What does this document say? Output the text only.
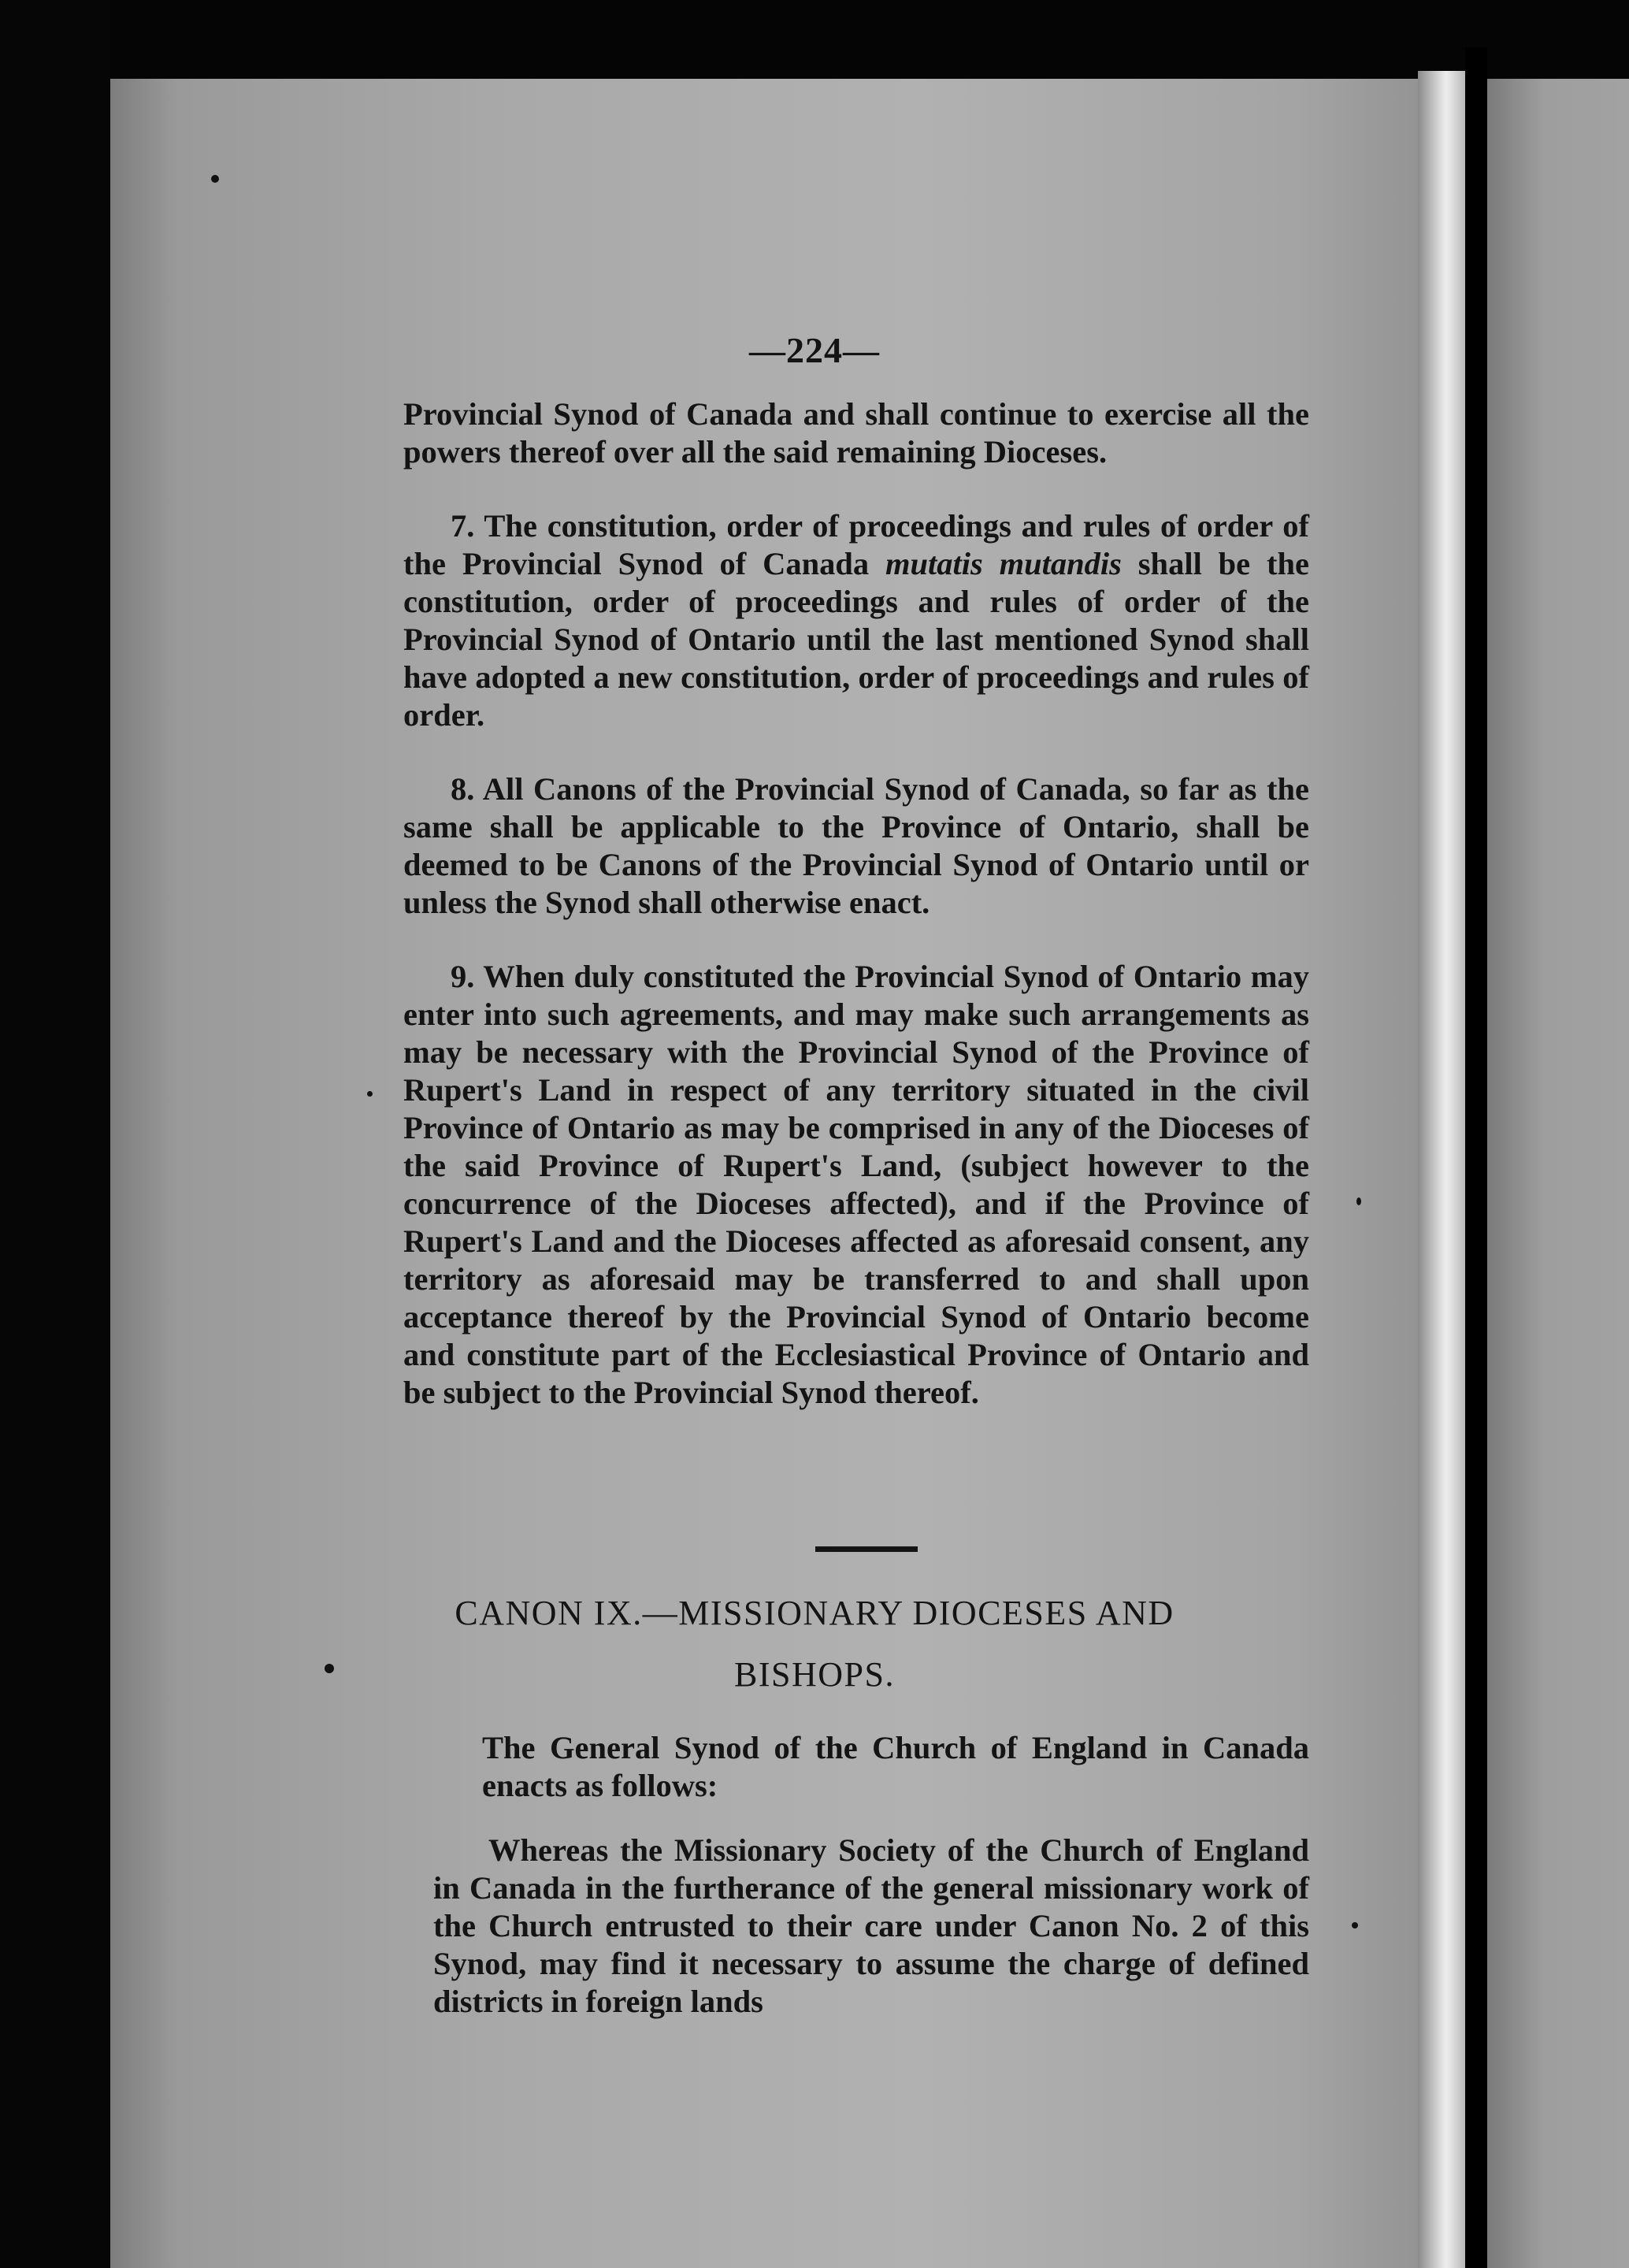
—224—

Provincial Synod of Canada and shall continue to exercise all the powers thereof over all the said remaining Dioceses.

7. The constitution, order of proceedings and rules of order of the Provincial Synod of Canada mutatis mutandis shall be the constitution, order of proceedings and rules of order of the Provincial Synod of Ontario until the last mentioned Synod shall have adopted a new constitution, order of proceedings and rules of order.

8. All Canons of the Provincial Synod of Canada, so far as the same shall be applicable to the Province of Ontario, shall be deemed to be Canons of the Provincial Synod of Ontario until or unless the Synod shall otherwise enact.

9. When duly constituted the Provincial Synod of Ontario may enter into such agreements, and may make such arrangements as may be necessary with the Provincial Synod of the Province of Rupert's Land in respect of any territory situated in the civil Province of Ontario as may be comprised in any of the Dioceses of the said Province of Rupert's Land, (subject however to the concurrence of the Dioceses affected), and if the Province of Rupert's Land and the Dioceses affected as aforesaid consent, any territory as aforesaid may be transferred to and shall upon acceptance thereof by the Provincial Synod of Ontario become and constitute part of the Ecclesiastical Province of Ontario and be subject to the Provincial Synod thereof.

CANON IX.—MISSIONARY DIOCESES AND
BISHOPS.

The General Synod of the Church of England in Canada enacts as follows:

Whereas the Missionary Society of the Church of England in Canada in the furtherance of the general missionary work of the Church entrusted to their care under Canon No. 2 of this Synod, may find it necessary to assume the charge of defined districts in foreign lands
